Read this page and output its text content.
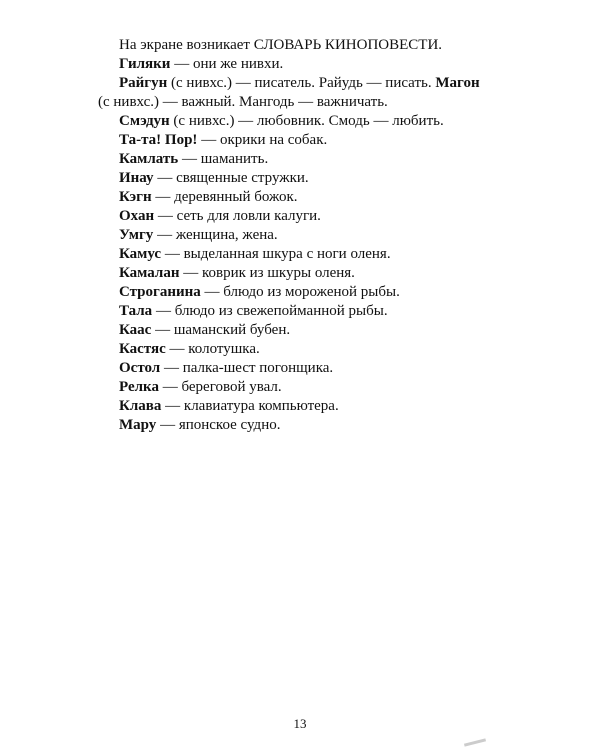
На экране возникает СЛОВАРЬ КИНОПОВЕСТИ.
Гиляки — они же нивхи.
Райгун (с нивхс.) — писатель. Райудь — писать. Магон
(с нивхс.) — важный. Мангодь — важничать.
Смэдун (с нивхс.) — любовник. Смодь — любить.
Та-та! Пор! — окрики на собак.
Камлать — шаманить.
Инау — священные стружки.
Кэгн — деревянный божок.
Охан — сеть для ловли калуги.
Умгу — женщина, жена.
Камус — выделанная шкура с ноги оленя.
Камалан — коврик из шкуры оленя.
Строганина — блюдо из мороженой рыбы.
Тала — блюдо из свежепойманной рыбы.
Каас — шаманский бубен.
Кастяс — колотушка.
Остол — палка-шест погонщика.
Релка — береговой увал.
Клава — клавиатура компьютера.
Мару — японское судно.
13
